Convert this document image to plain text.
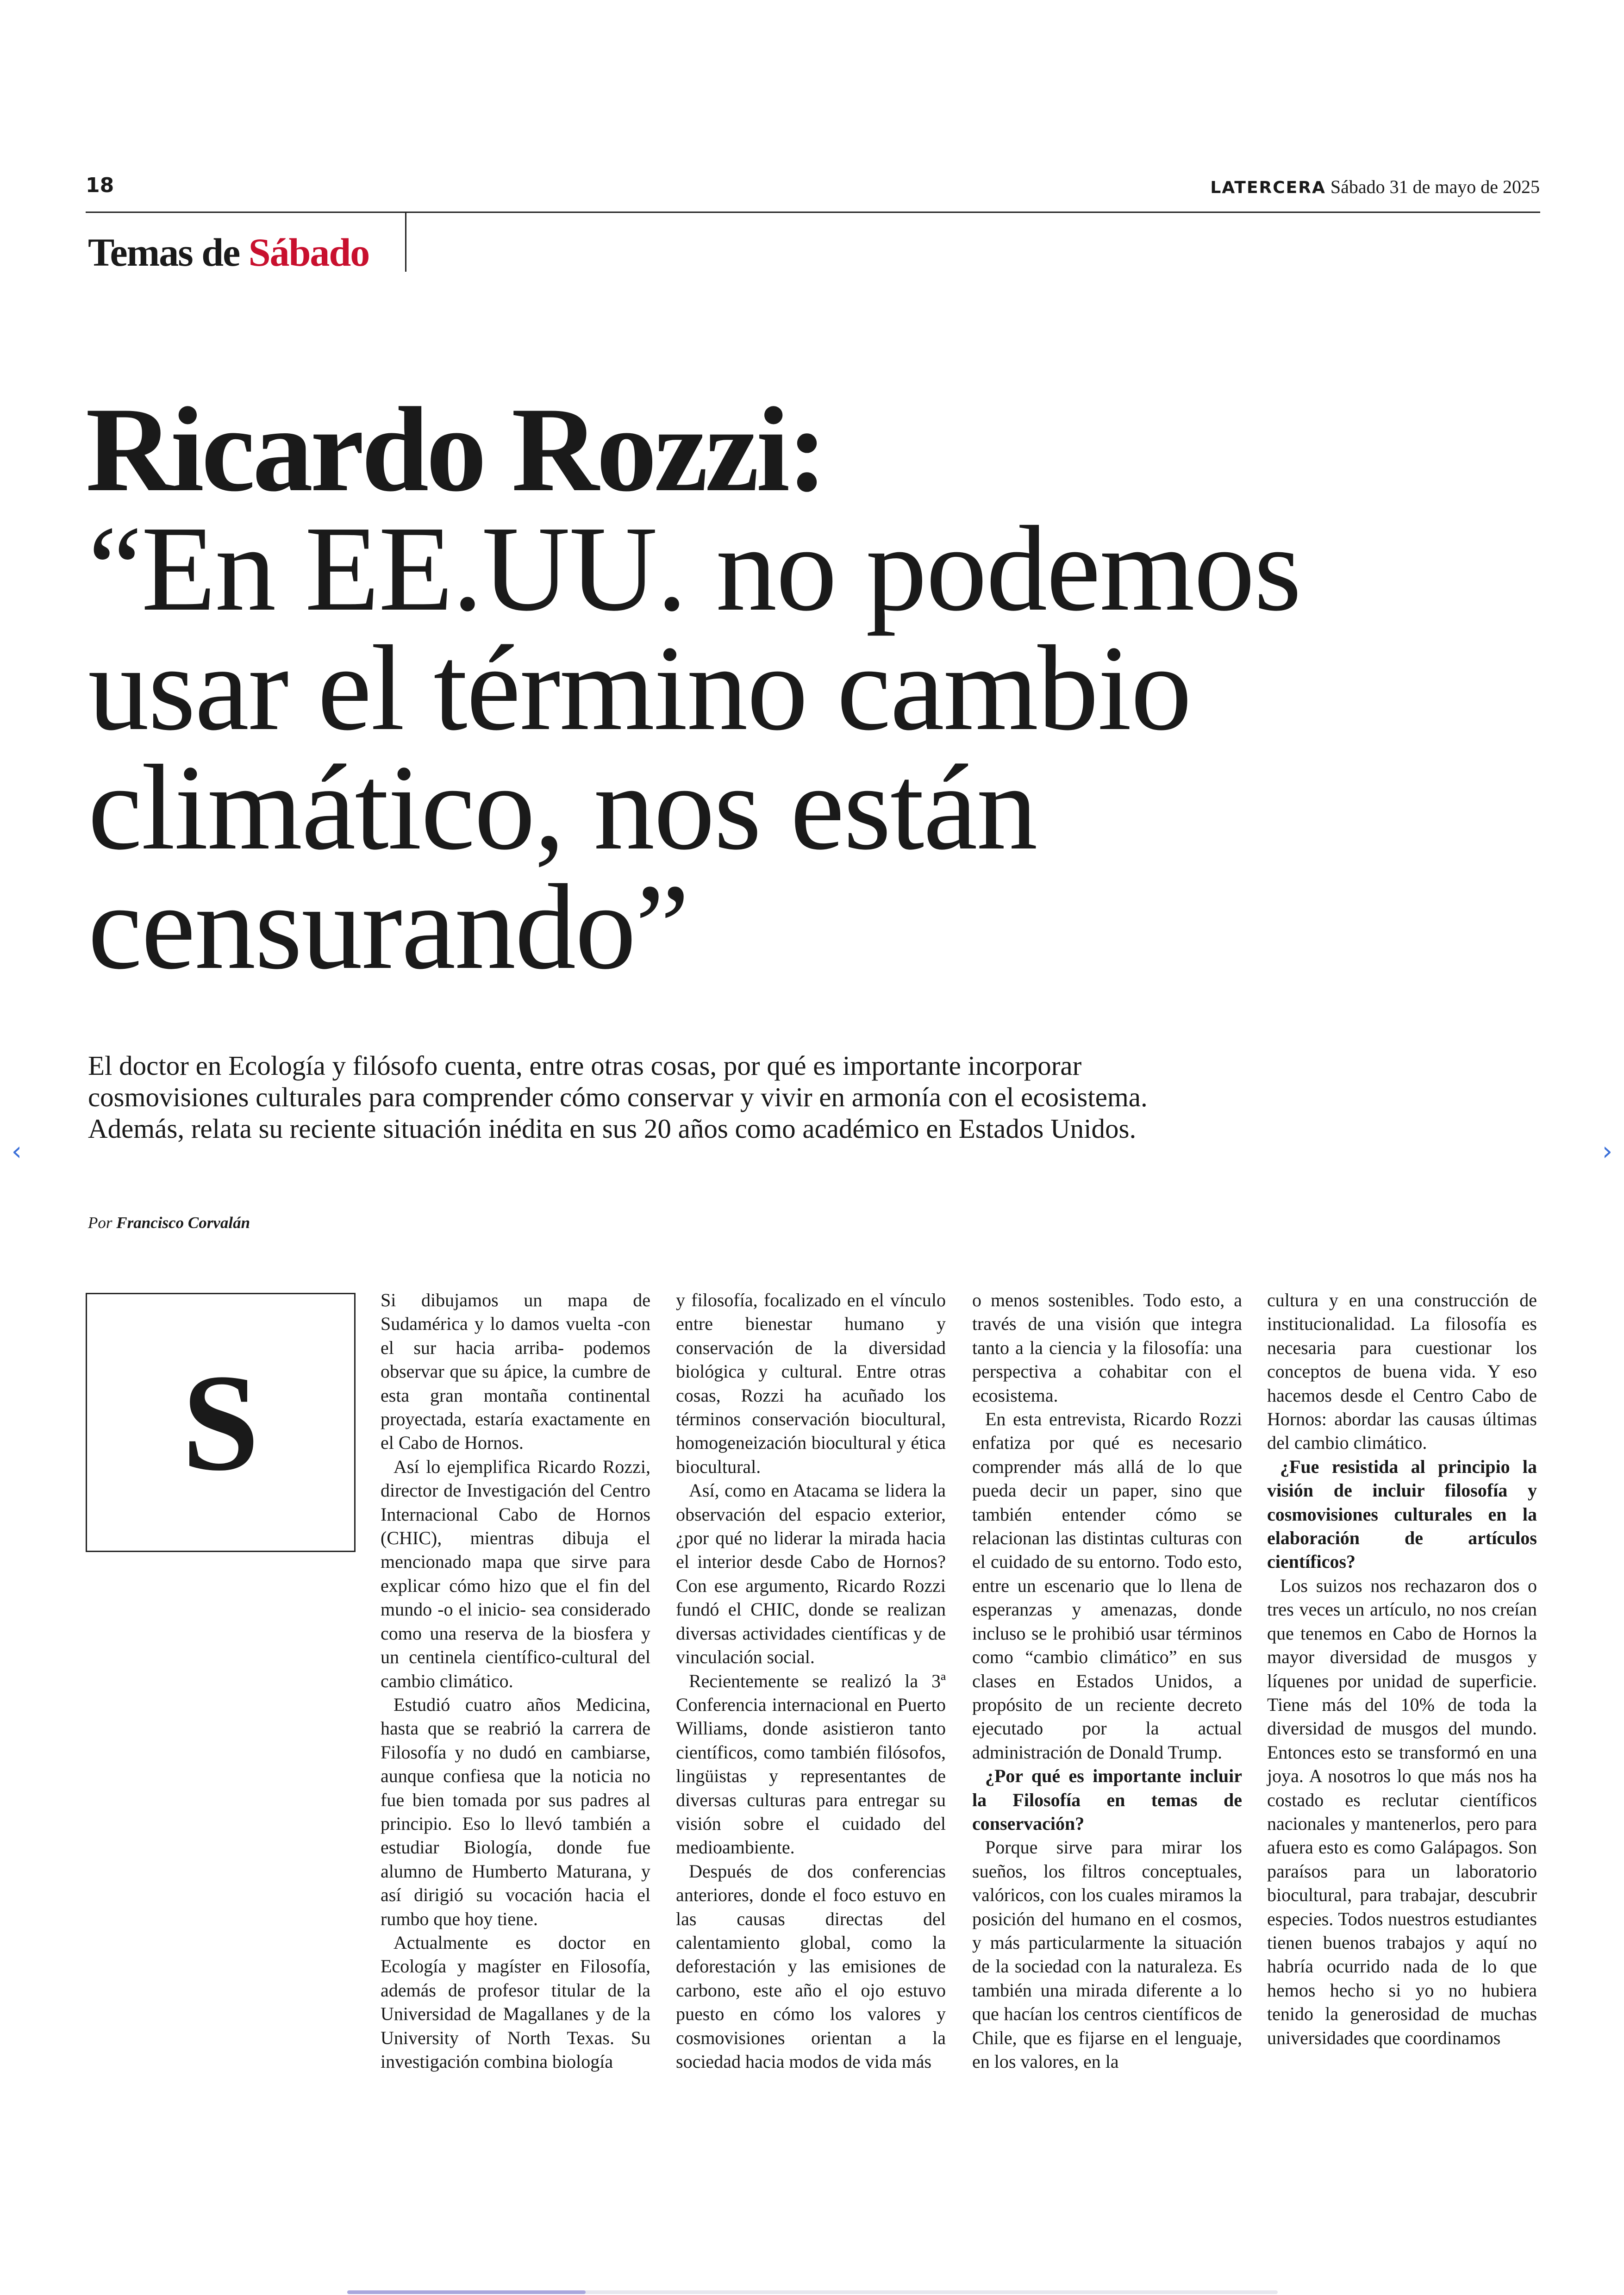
18	LATERCERA Sábado 31 de mayo de 2025
Temas de Sábado
Ricardo Rozzi:
“En EE.UU. no podemos usar el término cambio climático, nos están censurando”
El doctor en Ecología y filósofo cuenta, entre otras cosas, por qué es importante incorporar cosmovisiones culturales para comprender cómo conservar y vivir en armonía con el ecosistema. Además, relata su reciente situación inédita en sus 20 años como académico en Estados Unidos.
Por Francisco Corvalán
S

Si dibujamos un mapa de Sudamérica y lo damos vuelta -con el sur hacia arriba- podemos observar que su ápice, la cumbre de esta gran montaña continental proyectada, estaría exactamente en el Cabo de Hornos.

Así lo ejemplifica Ricardo Rozzi, director de Investigación del Centro Internacional Cabo de Hornos (CHIC), mientras dibuja el mencionado mapa que sirve para explicar cómo hizo que el fin del mundo -o el inicio- sea considerado como una reserva de la biosfera y un centinela científico-cultural del cambio climático.

Estudió cuatro años Medicina, hasta que se reabrió la carrera de Filosofía y no dudó en cambiarse, aunque confiesa que la noticia no fue bien tomada por sus padres al principio. Eso lo llevó también a estudiar Biología, donde fue alumno de Humberto Maturana, y así dirigió su vocación hacia el rumbo que hoy tiene.

Actualmente es doctor en Ecología y magíster en Filosofía, además de profesor titular de la Universidad de Magallanes y de la University of North Texas. Su investigación combina biología

y filosofía, focalizado en el vínculo entre bienestar humano y conservación de la diversidad biológica y cultural. Entre otras cosas, Rozzi ha acuñado los términos conservación biocultural, homogeneización biocultural y ética biocultural.

Así, como en Atacama se lidera la observación del espacio exterior, ¿por qué no liderar la mirada hacia el interior desde Cabo de Hornos? Con ese argumento, Ricardo Rozzi fundó el CHIC, donde se realizan diversas actividades científicas y de vinculación social.

Recientemente se realizó la 3ª Conferencia internacional en Puerto Williams, donde asistieron tanto científicos, como también filósofos, lingüistas y representantes de diversas culturas para entregar su visión sobre el cuidado del medioambiente.

Después de dos conferencias anteriores, donde el foco estuvo en las causas directas del calentamiento global, como la deforestación y las emisiones de carbono, este año el ojo estuvo puesto en cómo los valores y cosmovisiones orientan a la sociedad hacia modos de vida más

o menos sostenibles. Todo esto, a través de una visión que integra tanto a la ciencia y la filosofía: una perspectiva a cohabitar con el ecosistema.

En esta entrevista, Ricardo Rozzi enfatiza por qué es necesario comprender más allá de lo que pueda decir un paper, sino que también entender cómo se relacionan las distintas culturas con el cuidado de su entorno. Todo esto, entre un escenario que lo llena de esperanzas y amenazas, donde incluso se le prohibió usar términos como “cambio climático” en sus clases en Estados Unidos, a propósito de un reciente decreto ejecutado por la actual administración de Donald Trump.

¿Por qué es importante incluir la Filosofía en temas de conservación?

Porque sirve para mirar los sueños, los filtros conceptuales, valóricos, con los cuales miramos la posición del humano en el cosmos, y más particularmente la situación de la sociedad con la naturaleza. Es también una mirada diferente a lo que hacían los centros científicos de Chile, que es fijarse en el lenguaje, en los valores, en la

cultura y en una construcción de institucionalidad. La filosofía es necesaria para cuestionar los conceptos de buena vida. Y eso hacemos desde el Centro Cabo de Hornos: abordar las causas últimas del cambio climático.

¿Fue resistida al principio la visión de incluir filosofía y cosmovisiones culturales en la elaboración de artículos científicos?

Los suizos nos rechazaron dos o tres veces un artículo, no nos creían que tenemos en Cabo de Hornos la mayor diversidad de musgos y líquenes por unidad de superficie. Tiene más del 10% de toda la diversidad de musgos del mundo. Entonces esto se transformó en una joya. A nosotros lo que más nos ha costado es reclutar científicos nacionales y mantenerlos, pero para afuera esto es como Galápagos. Son paraísos para un laboratorio biocultural, para trabajar, descubrir especies. Todos nuestros estudiantes tienen buenos trabajos y aquí no habría ocurrido nada de lo que hemos hecho si yo no hubiera tenido la generosidad de muchas universidades que coordinamos

‹	›
